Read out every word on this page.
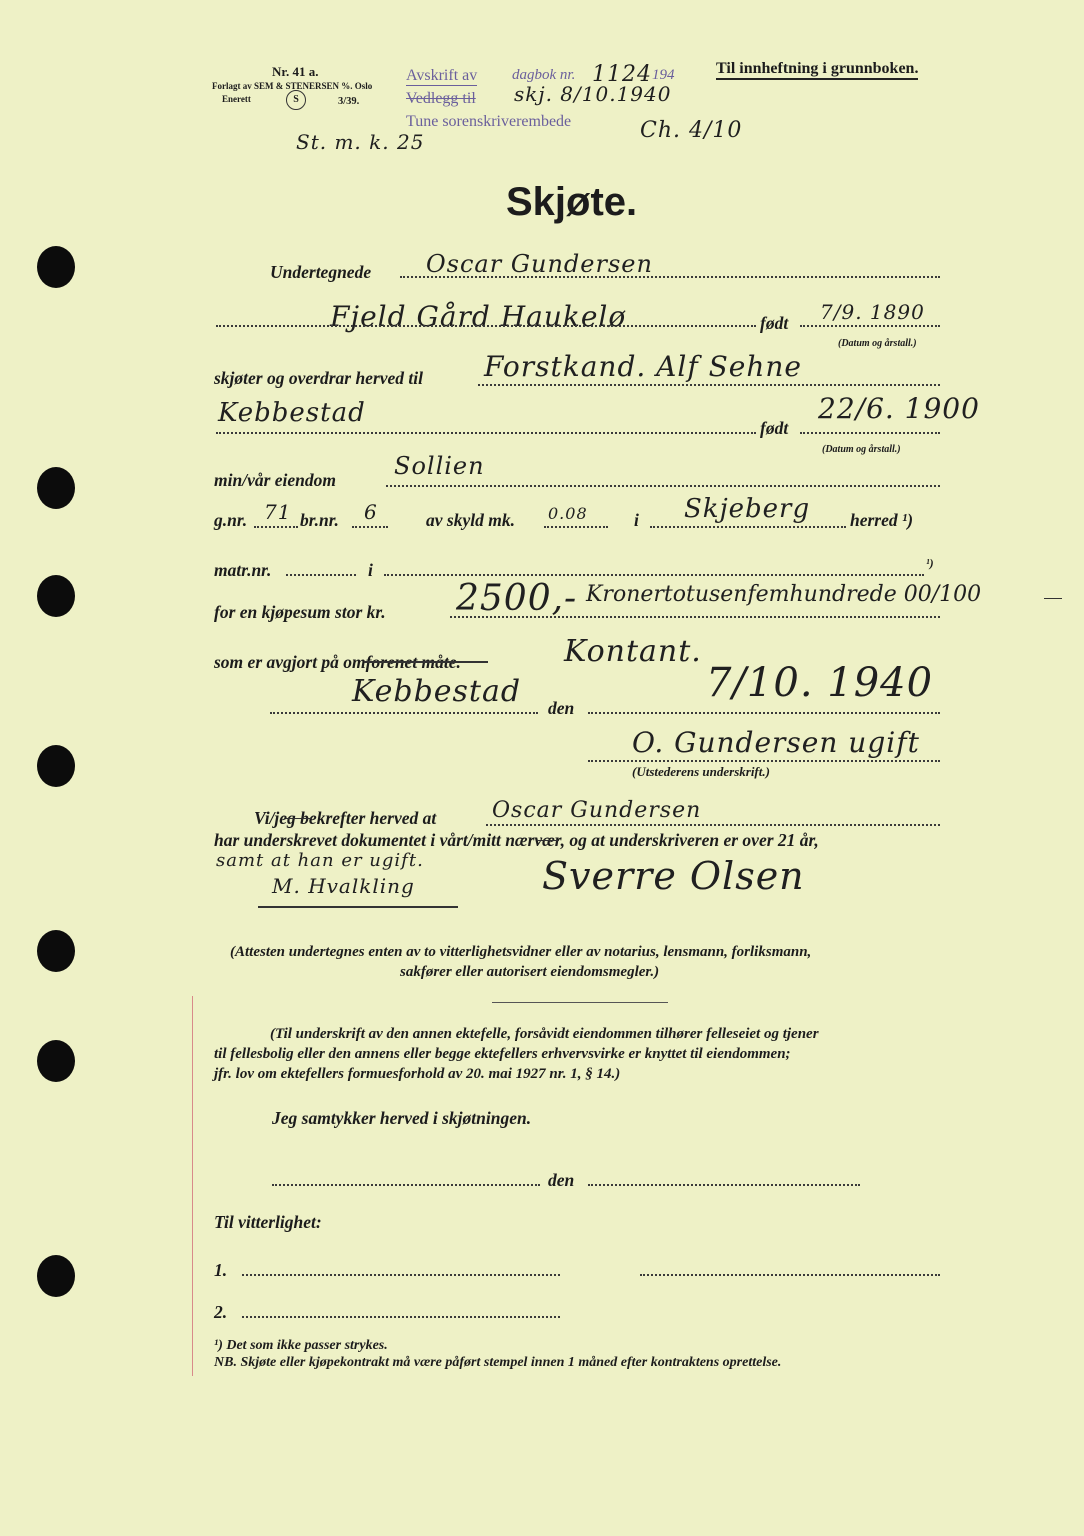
Nr. 41 a.
Forlagt av SEM & STENERSEN %. Oslo
Enerett	S	3/39.
Avskrift av dagbok nr. 1124 194
Vedlegg til skj. 8/10.1940
Tune sorenskriverembede	Ch. 4/10
St. m. k. 25
Til innheftning i grunnboken.
Skjøte.
Undertegnede Oscar Gundersen
Fjeld Gård Haukelø	født 7/9. 1890
(Datum og årstall.)
skjøter og overdrar herved til Forstkand. Alf Sehne
Kebbestad	født
22/6. 1900
(Datum og årstall.)
min/vår eiendom Sollien
g.nr. 71 br.nr. 6	av skyld mk. 0.08	i Skjeberg herred ¹)
matr.nr.	i	¹)
for en kjøpesum stor kr. 2500,- Kronertotusenfemhundrede 00/100
som er avgjort på omforenet måte.	Kontant.
Kebbestad den
7/10. 1940
O. Gundersen ugift
(Utstederens underskrift.)
Vi/jeg bekrefter herved at	Oscar Gundersen
har underskrevet dokumentet i vårt/mitt nærvær, og at underskriveren er over 21 år,
samt at han er ugift.
M. Hvalkling	Sverre Olsen
(Attesten undertegnes enten av to vitterlighetsvidner eller av notarius, lensmann, forliksmann,
sakfører eller autorisert eiendomsmegler.)
(Til underskrift av den annen ektefelle, forsåvidt eiendommen tilhører felleseiet og tjener
til fellesbolig eller den annens eller begge ektefellers erhvervsvirke er knyttet til eiendommen;
jfr. lov om ektefellers formuesforhold av 20. mai 1927 nr. 1, § 14.)
Jeg samtykker herved i skjøtningen.
den
Til vitterlighet:
1.
2.
¹) Det som ikke passer strykes.
NB. Skjøte eller kjøpekontrakt må være påført stempel innen 1 måned efter kontraktens oprettelse.
